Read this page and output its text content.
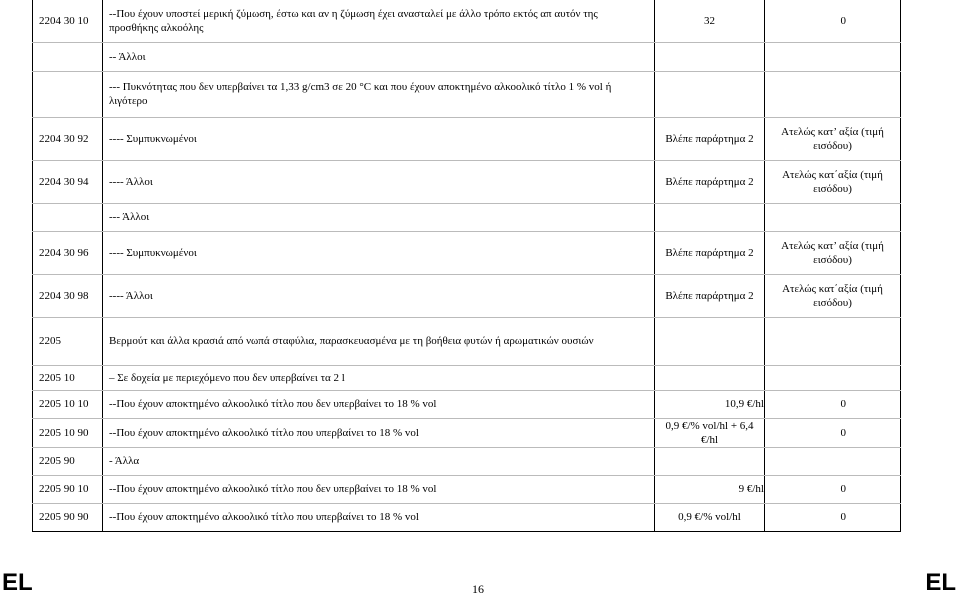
2204 30 10	--Που έχουν υποστεί μερική ζύμωση, έστω και αν η ζύμωση έχει ανασταλεί με άλλο τρόπο εκτός απ αυτόν της προσθήκης αλκοόλης	32	0
	-- Άλλοι		
	--- Πυκνότητας που δεν υπερβαίνει τα 1,33 g/cm3 σε 20 °C και που έχουν αποκτημένο αλκοολικό τίτλο 1 % vol ή λιγότερο		
2204 30 92	---- Συμπυκνωμένοι	Βλέπε παράρτημα 2	Ατελώς κατ’ αξία (τιμή εισόδου)
2204 30 94	---- Άλλοι	Βλέπε παράρτημα 2	Ατελώς κατ΄αξία (τιμή εισόδου)
	--- Άλλοι		
2204 30 96	---- Συμπυκνωμένοι	Βλέπε παράρτημα 2	Ατελώς κατ’ αξία (τιμή εισόδου)
2204 30 98	---- Άλλοι	Βλέπε παράρτημα 2	Ατελώς κατ΄αξία (τιμή εισόδου)
2205	Βερμούτ και άλλα κρασιά από νωπά σταφύλια, παρασκευασμένα με τη βοήθεια φυτών ή αρωματικών ουσιών		
2205 10	– Σε δοχεία με περιεχόμενο που δεν υπερβαίνει τα 2 l		
2205 10 10	--Που έχουν αποκτημένο αλκοολικό τίτλο που δεν υπερβαίνει το 18 % vol	10,9 €/hl	0
2205 10 90	--Που έχουν αποκτημένο αλκοολικό τίτλο που υπερβαίνει το 18 % vol	0,9 €/% vol/hl + 6,4 €/hl	0
2205 90	- Άλλα		
2205 90 10	--Που έχουν αποκτημένο αλκοολικό τίτλο που δεν υπερβαίνει το 18 % vol	9 €/hl	0
2205 90 90	--Που έχουν αποκτημένο αλκοολικό τίτλο που υπερβαίνει το 18 % vol	0,9 €/% vol/hl	0
EL	16	EL
